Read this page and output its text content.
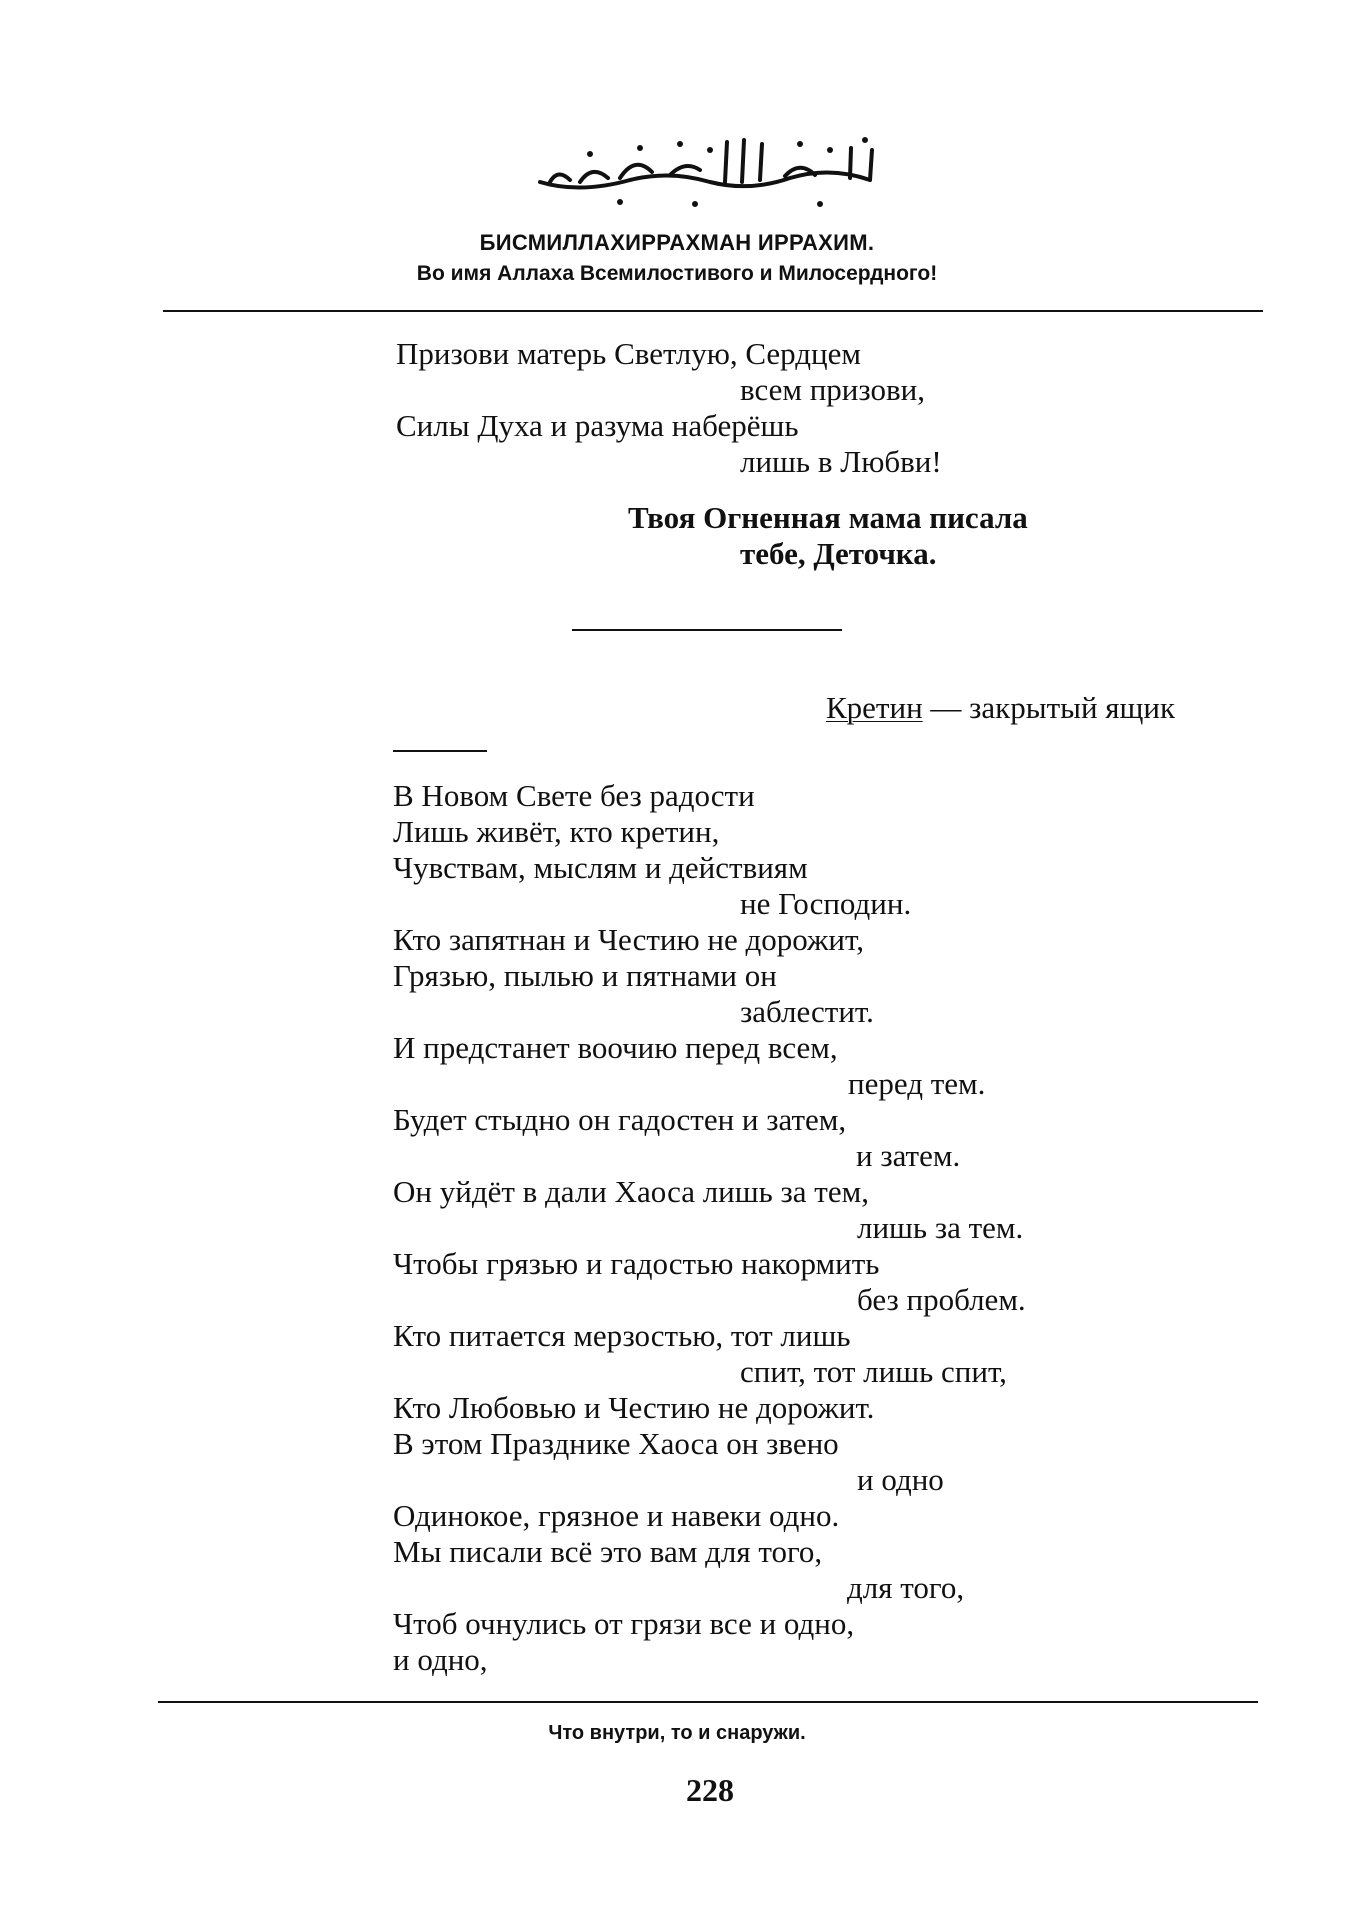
БИСМИЛЛАХИРРАХМАН ИРРАХИМ.
Во имя Аллаха Всемилостивого и Милосердного!
Призови матерь Светлую, Сердцем
всем призови,
Силы Духа и разума наберёшь
лишь в Любви!
Твоя Огненная мама писала
тебе, Деточка.
Кретин — закрытый ящик
В Новом Свете без радости
Лишь живёт, кто кретин,
Чувствам, мыслям и действиям
не Господин.
Кто запятнан и Честию не дорожит,
Грязью, пылью и пятнами он
заблестит.
И предстанет воочию перед всем,
перед тем.
Будет стыдно он гадостен и затем,
и затем.
Он уйдёт в дали Хаоса лишь за тем,
лишь за тем.
Чтобы грязью и гадостью накормить
без проблем.
Кто питается мерзостью, тот лишь
спит, тот лишь спит,
Кто Любовью и Честию не дорожит.
В этом Празднике Хаоса он звено
и одно
Одинокое, грязное и навеки одно.
Мы писали всё это вам для того,
для того,
Чтоб очнулись от грязи все и одно,
и одно,
Что внутри, то и снаружи.
228
